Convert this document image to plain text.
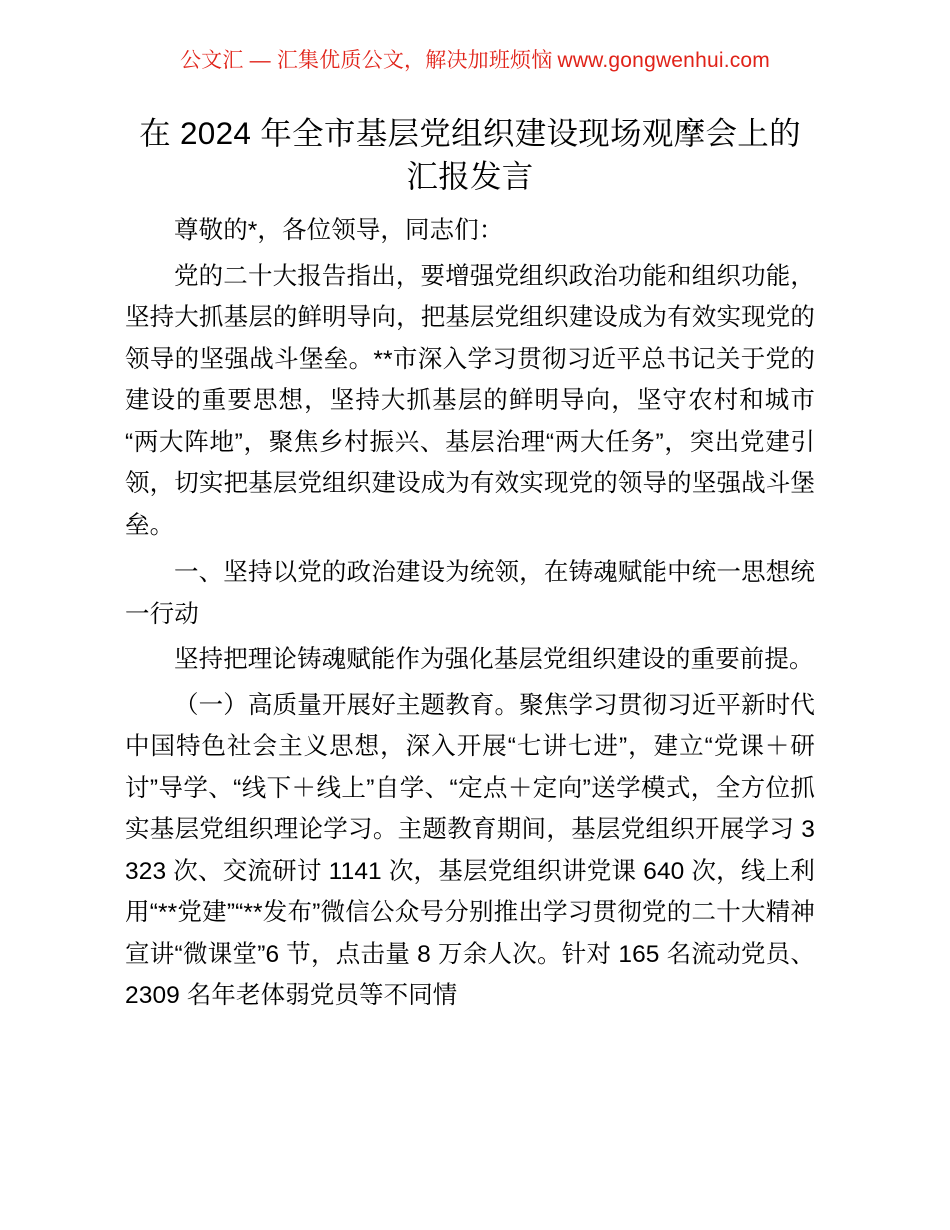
公文汇 — 汇集优质公文，解决加班烦恼 www.gongwenhui.com
在 2024 年全市基层党组织建设现场观摩会上的汇报发言

尊敬的*，各位领导，同志们：

党的二十大报告指出，要增强党组织政治功能和组织功能，坚持大抓基层的鲜明导向，把基层党组织建设成为有效实现党的领导的坚强战斗堡垒。**市深入学习贯彻习近平总书记关于党的建设的重要思想，坚持大抓基层的鲜明导向，坚守农村和城市“两大阵地”，聚焦乡村振兴、基层治理“两大任务”，突出党建引领，切实把基层党组织建设成为有效实现党的领导的坚强战斗堡垒。

一、坚持以党的政治建设为统领，在铸魂赋能中统一思想统一行动

坚持把理论铸魂赋能作为强化基层党组织建设的重要前提。

（一）高质量开展好主题教育。聚焦学习贯彻习近平新时代中国特色社会主义思想，深入开展“七讲七进”，建立“党课＋研讨”导学、“线下＋线上”自学、“定点＋定向”送学模式，全方位抓实基层党组织理论学习。主题教育期间，基层党组织开展学习 3323 次、交流研讨 1141 次，基层党组织讲党课 640 次，线上利用“**党建”“**发布”微信公众号分别推出学习贯彻党的二十大精神宣讲“微课堂”6 节，点击量 8 万余人次。针对 165 名流动党员、2309 名年老体弱党员等不同情
